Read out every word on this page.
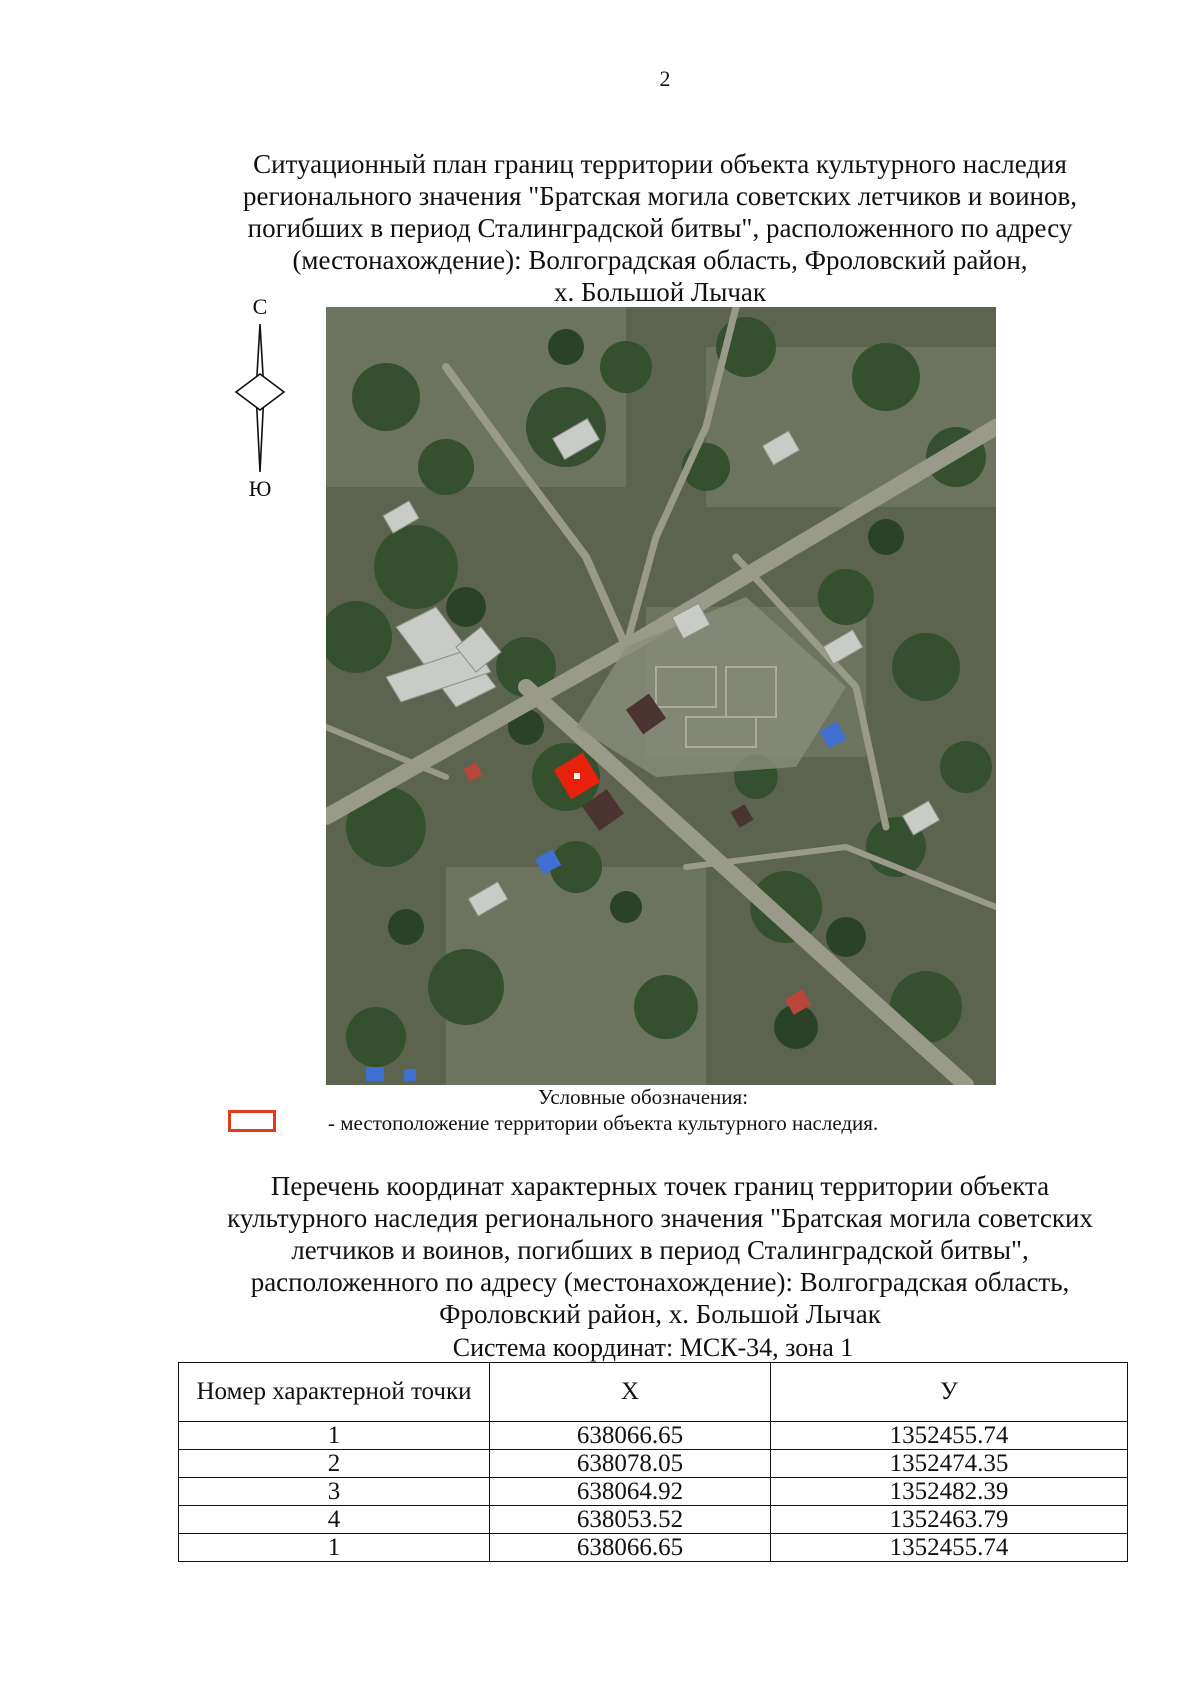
2
Ситуационный план границ территории объекта культурного наследия
регионального значения "Братская могила советских летчиков и воинов,
погибших в период Сталинградской битвы", расположенного по адресу
(местонахождение): Волгоградская область, Фроловский район,
х. Большой Лычак
С
Ю
Условные обозначения:
- местоположение территории объекта культурного наследия.
Перечень координат характерных точек границ территории объекта
культурного наследия регионального значения "Братская могила советских
летчиков и воинов, погибших в период Сталинградской битвы",
расположенного по адресу (местонахождение): Волгоградская область,
Фроловский район, х. Большой Лычак
Система координат: МСК-34, зона 1
Номер характерной точки	X	У
1	638066.65	1352455.74
2	638078.05	1352474.35
3	638064.92	1352482.39
4	638053.52	1352463.79
1	638066.65	1352455.74
